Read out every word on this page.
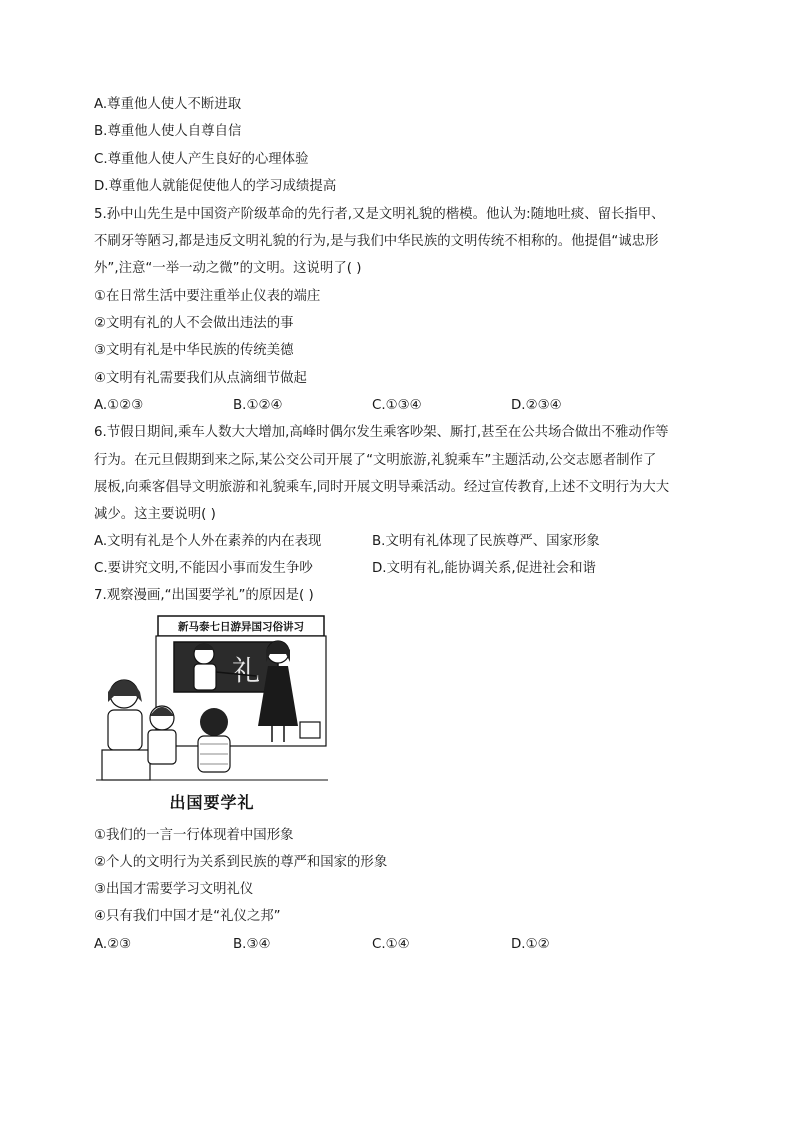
A.尊重他人使人不断进取
B.尊重他人使人自尊自信
C.尊重他人使人产生良好的心理体验
D.尊重他人就能促使他人的学习成绩提高
5.孙中山先生是中国资产阶级革命的先行者,又是文明礼貌的楷模。他认为:随地吐痰、留长指甲、
不刷牙等陋习,都是违反文明礼貌的行为,是与我们中华民族的文明传统不相称的。他提倡“诚忠形
外”,注意“一举一动之微”的文明。这说明了( )
①在日常生活中要注重举止仪表的端庄
②文明有礼的人不会做出违法的事
③文明有礼是中华民族的传统美德
④文明有礼需要我们从点滴细节做起
A.①②③	B.①②④	C.①③④	D.②③④
6.节假日期间,乘车人数大大增加,高峰时偶尔发生乘客吵架、厮打,甚至在公共场合做出不雅动作等
行为。在元旦假期到来之际,某公交公司开展了“文明旅游,礼貌乘车”主题活动,公交志愿者制作了
展板,向乘客倡导文明旅游和礼貌乘车,同时开展文明导乘活动。经过宣传教育,上述不文明行为大大
减少。这主要说明( )
A.文明有礼是个人外在素养的内在表现	B.文明有礼体现了民族尊严、国家形象
C.要讲究文明,不能因小事而发生争吵	D.文明有礼,能协调关系,促进社会和谐
7.观察漫画,“出国要学礼”的原因是( )
新马泰七日游异国习俗讲习
礼
出国要学礼
①我们的一言一行体现着中国形象
②个人的文明行为关系到民族的尊严和国家的形象
③出国才需要学习文明礼仪
④只有我们中国才是“礼仪之邦”
A.②③	B.③④	C.①④	D.①②
